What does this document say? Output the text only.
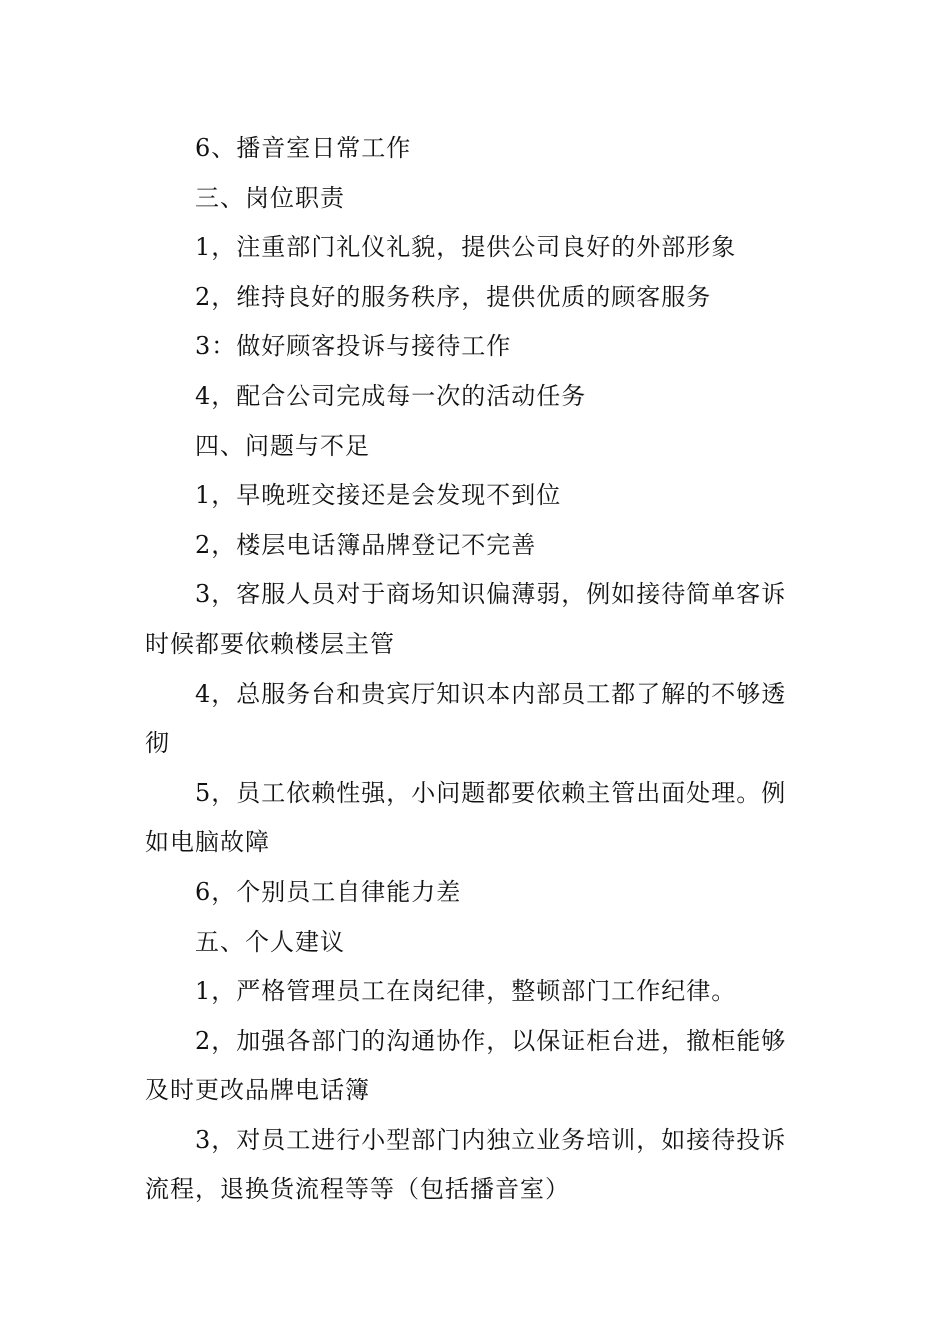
6、播音室日常工作

三、岗位职责

1，注重部门礼仪礼貌，提供公司良好的外部形象

2，维持良好的服务秩序，提供优质的顾客服务

3：做好顾客投诉与接待工作

4，配合公司完成每一次的活动任务

四、问题与不足

1，早晚班交接还是会发现不到位

2，楼层电话簿品牌登记不完善

3，客服人员对于商场知识偏薄弱，例如接待简单客诉时候都要依赖楼层主管

4，总服务台和贵宾厅知识本内部员工都了解的不够透彻

5，员工依赖性强，小问题都要依赖主管出面处理。例如电脑故障

6，个别员工自律能力差

五、个人建议

1，严格管理员工在岗纪律，整顿部门工作纪律。

2，加强各部门的沟通协作，以保证柜台进，撤柜能够及时更改品牌电话簿

3，对员工进行小型部门内独立业务培训，如接待投诉流程，退换货流程等等（包括播音室）
